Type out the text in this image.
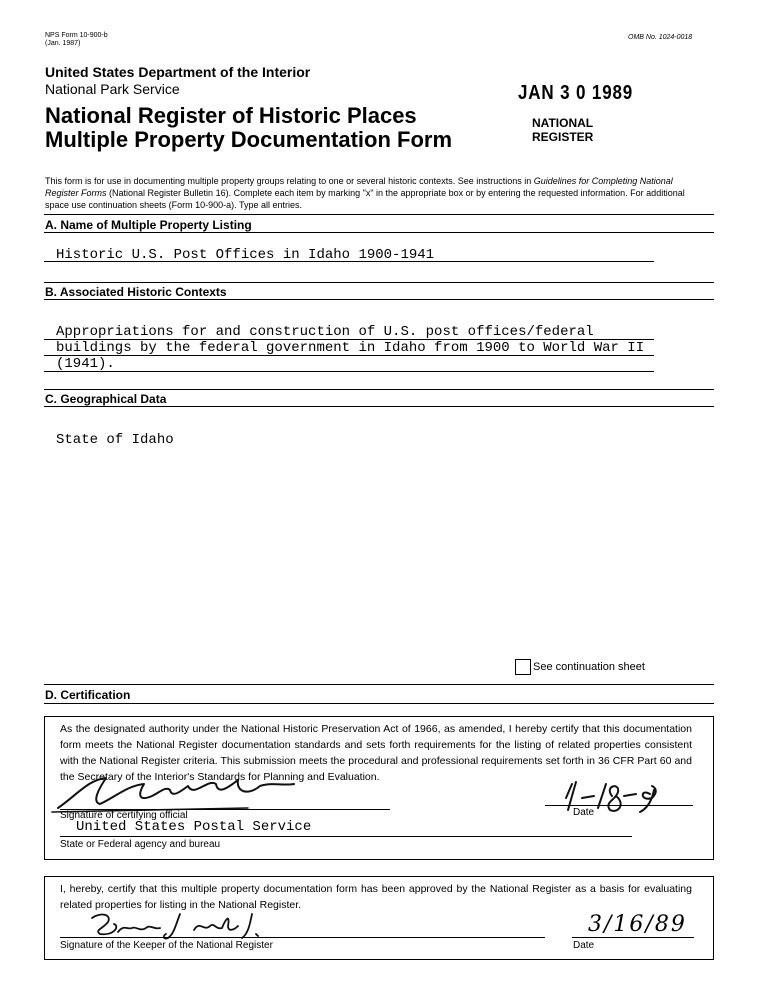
NPS Form 10-900-b
(Jan. 1987)
OMB No. 1024-0018
United States Department of the Interior
National Park Service	JAN 3 0 1989
NATIONAL
REGISTER
National Register of Historic Places
Multiple Property Documentation Form
This form is for use in documenting multiple property groups relating to one or several historic contexts. See instructions in Guidelines for Completing National Register Forms (National Register Bulletin 16). Complete each item by marking "x" in the appropriate box or by entering the requested information. For additional space use continuation sheets (Form 10-900-a). Type all entries.
A. Name of Multiple Property Listing
Historic U.S. Post Offices in Idaho 1900-1941
B. Associated Historic Contexts
Appropriations for and construction of U.S. post offices/federal
buildings by the federal government in Idaho from 1900 to World War II
(1941).
C. Geographical Data
State of Idaho
See continuation sheet
D. Certification
As the designated authority under the National Historic Preservation Act of 1966, as amended, I hereby certify that this documentation form meets the National Register documentation standards and sets forth requirements for the listing of related properties consistent with the National Register criteria. This submission meets the procedural and professional requirements set forth in 36 CFR Part 60 and the Secretary of the Interior's Standards for Planning and Evaluation.
Signature of certifying official	Date
United States Postal Service
State or Federal agency and bureau
I, hereby, certify that this multiple property documentation form has been approved by the National Register as a basis for evaluating related properties for listing in the National Register.
Signature of the Keeper of the National Register
3/16/89
Date
